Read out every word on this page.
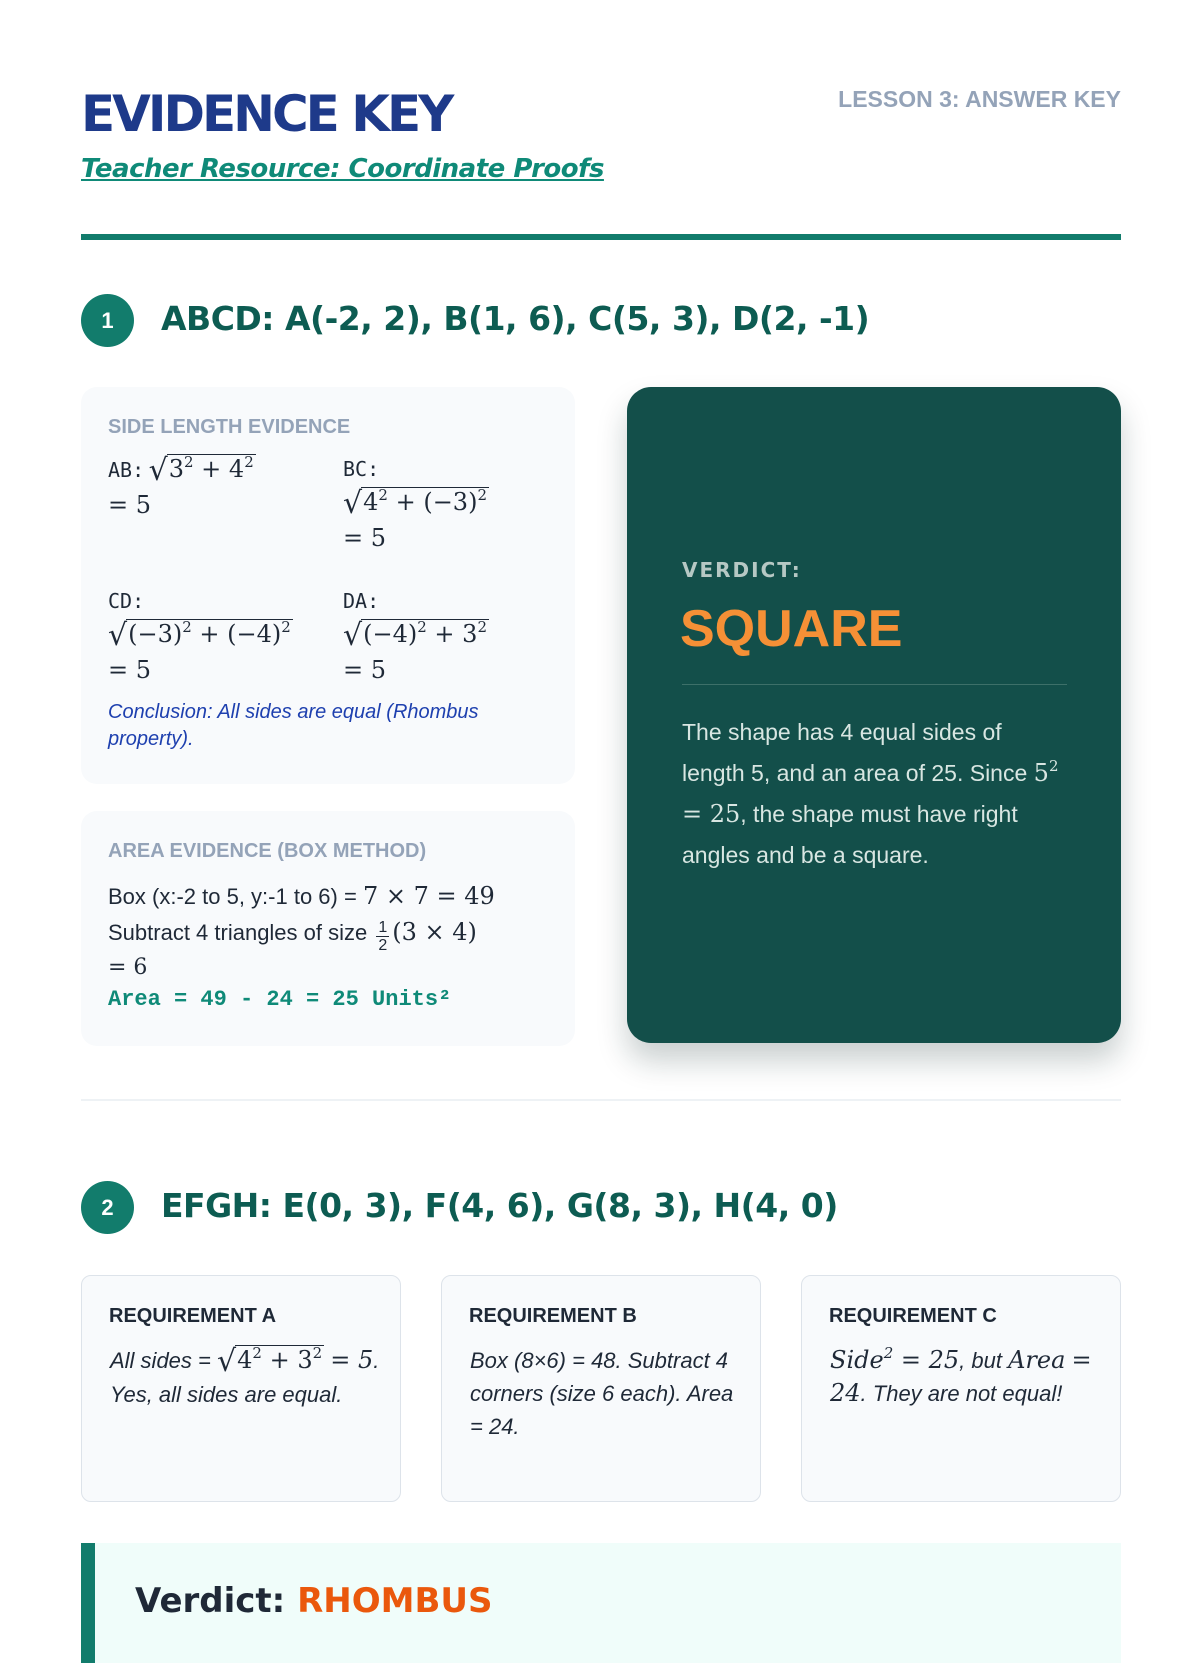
EVIDENCE KEY
Teacher Resource: Coordinate Proofs
LESSON 3: ANSWER KEY
1	ABCD: A(-2, 2), B(1, 6), C(5, 3), D(2, -1)
SIDE LENGTH EVIDENCE
AB: $√3^2 + 4^2$
= 5
BC:
$√4^2 + (-3)^2$
= 5
CD:
$√(-3)^2 + (-4)^2$
= 5
DA:
$√(-4)^2 + 3^2$
= 5
Conclusion: All sides are equal (Rhombus property).
AREA EVIDENCE (BOX METHOD)
Box (x:-2 to 5, y:-1 to 6) = 7 × 7 = 49
Subtract 4 triangles of size $\frac{1}{2} (3 \times 4)$
= 6
Area = 49 - 24 = 25 Units²
VERDICT:
SQUARE
The shape has 4 equal sides of length 5, and an area of 25. Since $5^2 = 25$, the shape must have right angles and be a square.
2	EFGH: E(0, 3), F(4, 6), G(8, 3), H(4, 0)
REQUIREMENT A
All sides = $√4^2 + 3^2 = 5$. Yes, all sides are equal.
REQUIREMENT B
Box (8×6) = 48. Subtract 4 corners (size 6 each). Area = 24.
REQUIREMENT C
Side$^2$ = 25, but Area = 24. They are not equal!
Verdict: RHOMBUS
